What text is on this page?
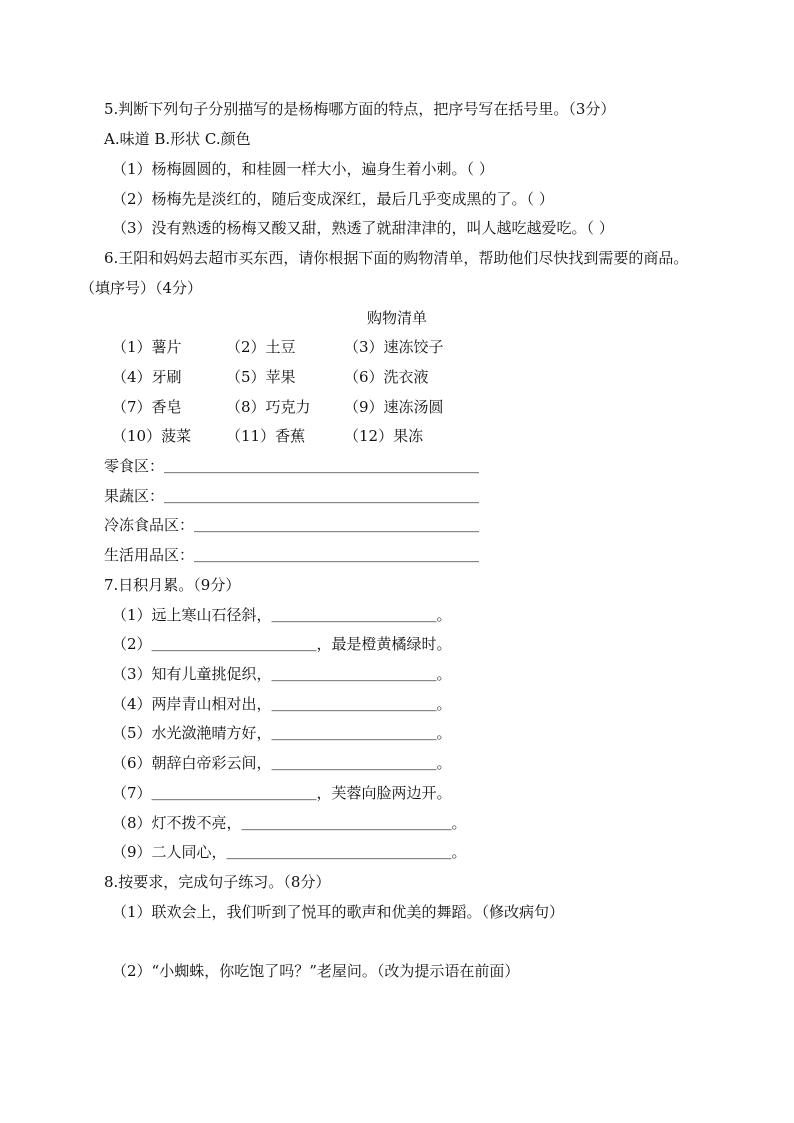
5.判断下列句子分别描写的是杨梅哪方面的特点，把序号写在括号里。（3分）
A.味道 B.形状 C.颜色
（1）杨梅圆圆的，和桂圆一样大小，遍身生着小刺。（ ）
（2）杨梅先是淡红的，随后变成深红，最后几乎变成黑的了。（ ）
（3）没有熟透的杨梅又酸又甜，熟透了就甜津津的，叫人越吃越爱吃。（ ）
6.王阳和妈妈去超市买东西，请你根据下面的购物清单，帮助他们尽快找到需要的商品。
（填序号）（4分）
购物清单
（1）薯片	（2）土豆	（3）速冻饺子
（4）牙刷	（5）苹果	（6）洗衣液
（7）香皂	（8）巧克力 （9）速冻汤圆
（10）菠菜 （11）香蕉	（12）果冻
零食区：＿＿＿＿＿＿＿＿＿＿＿＿＿＿＿＿＿＿＿＿＿
果蔬区：＿＿＿＿＿＿＿＿＿＿＿＿＿＿＿＿＿＿＿＿＿
冷冻食品区：＿＿＿＿＿＿＿＿＿＿＿＿＿＿＿＿＿＿＿
生活用品区：＿＿＿＿＿＿＿＿＿＿＿＿＿＿＿＿＿＿＿
7.日积月累。（9分）
（1）远上寒山石径斜，＿＿＿＿＿＿＿＿＿＿＿。
（2）＿＿＿＿＿＿＿＿＿＿＿，最是橙黄橘绿时。
（3）知有儿童挑促织，＿＿＿＿＿＿＿＿＿＿＿。
（4）两岸青山相对出，＿＿＿＿＿＿＿＿＿＿＿。
（5）水光潋滟晴方好，＿＿＿＿＿＿＿＿＿＿＿。
（6）朝辞白帝彩云间，＿＿＿＿＿＿＿＿＿＿＿。
（7）＿＿＿＿＿＿＿＿＿＿＿，芙蓉向脸两边开。
（8）灯不拨不亮，＿＿＿＿＿＿＿＿＿＿＿＿＿＿。
（9）二人同心，＿＿＿＿＿＿＿＿＿＿＿＿＿＿＿。
8.按要求，完成句子练习。（8分）
（1）联欢会上，我们听到了悦耳的歌声和优美的舞蹈。（修改病句）
（2）“小蜘蛛，你吃饱了吗？”老屋问。（改为提示语在前面）
